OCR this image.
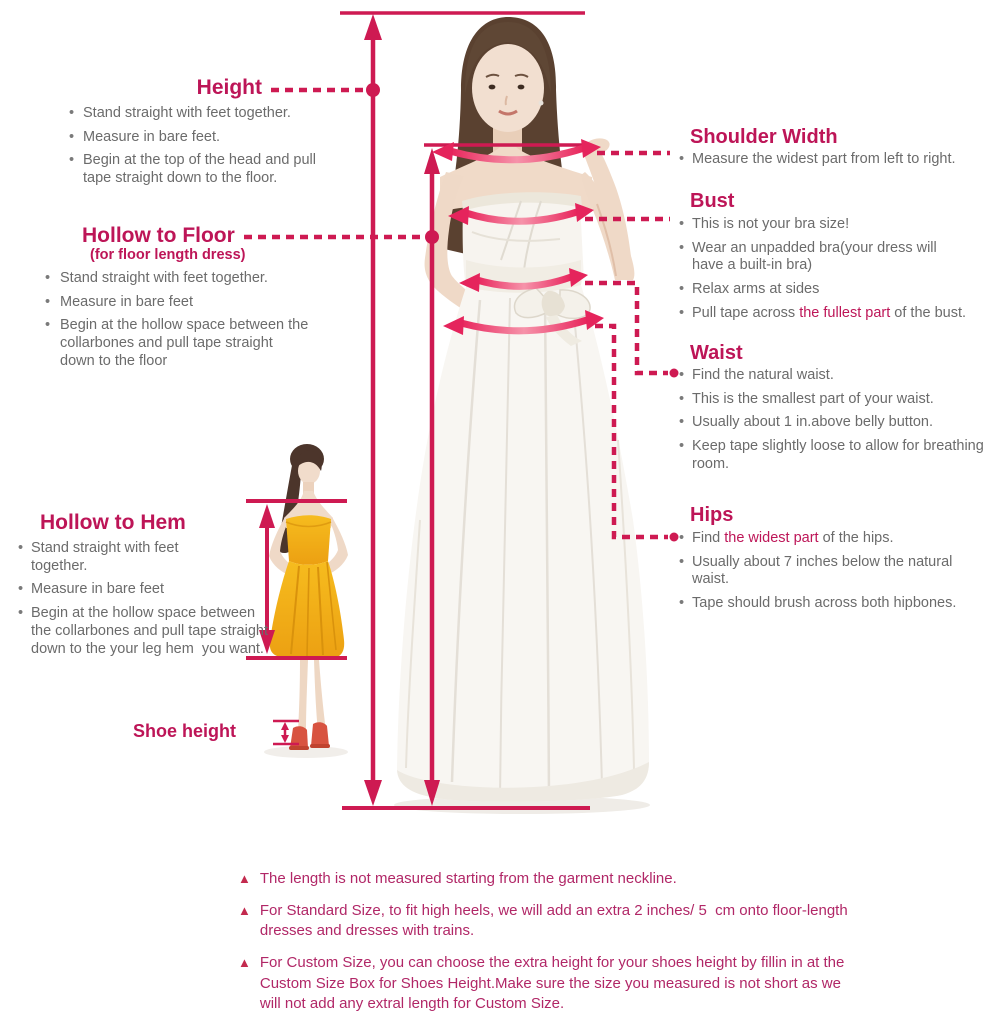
Height
• Stand straight with feet together.
• Measure in bare feet.
• Begin at the top of the head and pull tape straight down to the floor.
Hollow to Floor
(for floor length dress)
• Stand straight with feet together.
• Measure in bare feet
• Begin at the hollow space between the collarbones and pull tape straight down to the floor
Hollow to Hem
• Stand straight with feet together.
• Measure in bare feet
• Begin at the hollow space between the collarbones and pull tape straight down to the your leg hem  you want.
Shoe height
Shoulder Width
• Measure the widest part from left to right.
Bust
• This is not your bra size!
• Wear an unpadded bra(your dress will have a built-in bra)
• Relax arms at sides
• Pull tape across the fullest part of the bust.
Waist
• Find the natural waist.
• This is the smallest part of your waist.
• Usually about 1 in.above belly button.
• Keep tape slightly loose to allow for breathing room.
Hips
• Find the widest part of the hips.
• Usually about 7 inches below the natural waist.
• Tape should brush across both hipbones.
▲ The length is not measured starting from the garment neckline.
▲ For Standard Size, to fit high heels, we will add an extra 2 inches/ 5  cm onto floor-length dresses and dresses with trains.
▲ For Custom Size, you can choose the extra height for your shoes height by fillin in at the Custom Size Box for Shoes Height.Make sure the size you measured is not short as we will not add any extral length for Custom Size.
